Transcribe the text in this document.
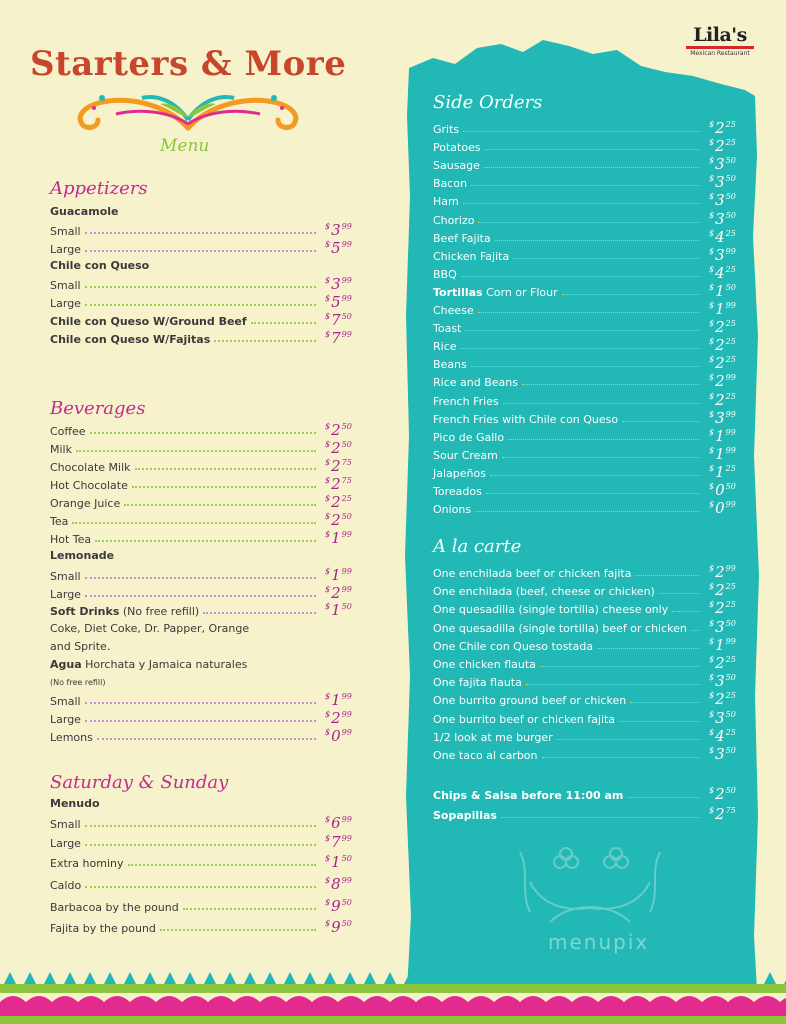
Starters & More
Menu
Lila's
Mexican Restaurant
Appetizers
Guacamole
Small	$^{\$}3^{99}$
Large	$^{\$}5^{99}$
Chile con Queso
Small	$^{\$}3^{99}$
Large	$^{\$}5^{99}$
Chile con Queso W/Ground Beef	$^{\$}7^{50}$
Chile con Queso W/Fajitas	$^{\$}7^{99}$
Beverages
Coffee	$^{\$}2^{50}$
Milk	$^{\$}2^{50}$
Chocolate Milk	$^{\$}2^{75}$
Hot Chocolate	$^{\$}2^{75}$
Orange Juice	$^{\$}2^{25}$
Tea	$^{\$}2^{50}$
Hot Tea	$^{\$}1^{99}$
Lemonade
Small	$^{\$}1^{99}$
Large	$^{\$}2^{99}$
Soft Drinks (No free refill)	$^{\$}1^{50}$
Coke, Diet Coke, Dr. Papper, Orange
and Sprite.
Agua Horchata y Jamaica naturales
(No free refill)
Small	$^{\$}1^{99}$
Large	$^{\$}2^{99}$
Lemons	$^{\$}0^{99}$
Saturday & Sunday
Menudo
Small	$^{\$}6^{99}$
Large	$^{\$}7^{99}$
Extra hominy	$^{\$}1^{50}$
Caldo	$^{\$}8^{99}$
Barbacoa by the pound	$^{\$}9^{50}$
Fajita by the pound	$^{\$}9^{50}$
Side Orders
Grits	$^{\$}2^{25}$
Potatoes	$^{\$}2^{25}$
Sausage	$^{\$}3^{50}$
Bacon	$^{\$}3^{50}$
Ham	$^{\$}3^{50}$
Chorizo	$^{\$}3^{50}$
Beef Fajita	$^{\$}4^{25}$
Chicken Fajita	$^{\$}3^{99}$
BBQ	$^{\$}4^{25}$
Tortillas Corn or Flour	$^{\$}1^{50}$
Cheese	$^{\$}1^{99}$
Toast	$^{\$}2^{25}$
Rice	$^{\$}2^{25}$
Beans	$^{\$}2^{25}$
Rice and Beans	$^{\$}2^{99}$
French Fries	$^{\$}2^{25}$
French Fries with Chile con Queso	$^{\$}3^{99}$
Pico de Gallo	$^{\$}1^{99}$
Sour Cream	$^{\$}1^{99}$
Jalapeños	$^{\$}1^{25}$
Toreados	$^{\$}0^{50}$
Onions	$^{\$}0^{99}$
A la carte
One enchilada beef or chicken fajita	$^{\$}2^{99}$
One enchilada (beef, cheese or chicken)	$^{\$}2^{25}$
One quesadilla (single tortilla) cheese only	$^{\$}2^{25}$
One quesadilla (single tortilla) beef or chicken	$^{\$}3^{50}$
One Chile con Queso tostada	$^{\$}1^{99}$
One chicken flauta	$^{\$}2^{25}$
One fajita flauta	$^{\$}3^{50}$
One burrito ground beef or chicken	$^{\$}2^{25}$
One burrito beef or chicken fajita	$^{\$}3^{50}$
1/2 look at me burger	$^{\$}4^{25}$
One taco al carbon	$^{\$}3^{50}$
Chips & Salsa before 11:00 am	$^{\$}2^{50}$
Sopapillas	$^{\$}2^{75}$
menupix
